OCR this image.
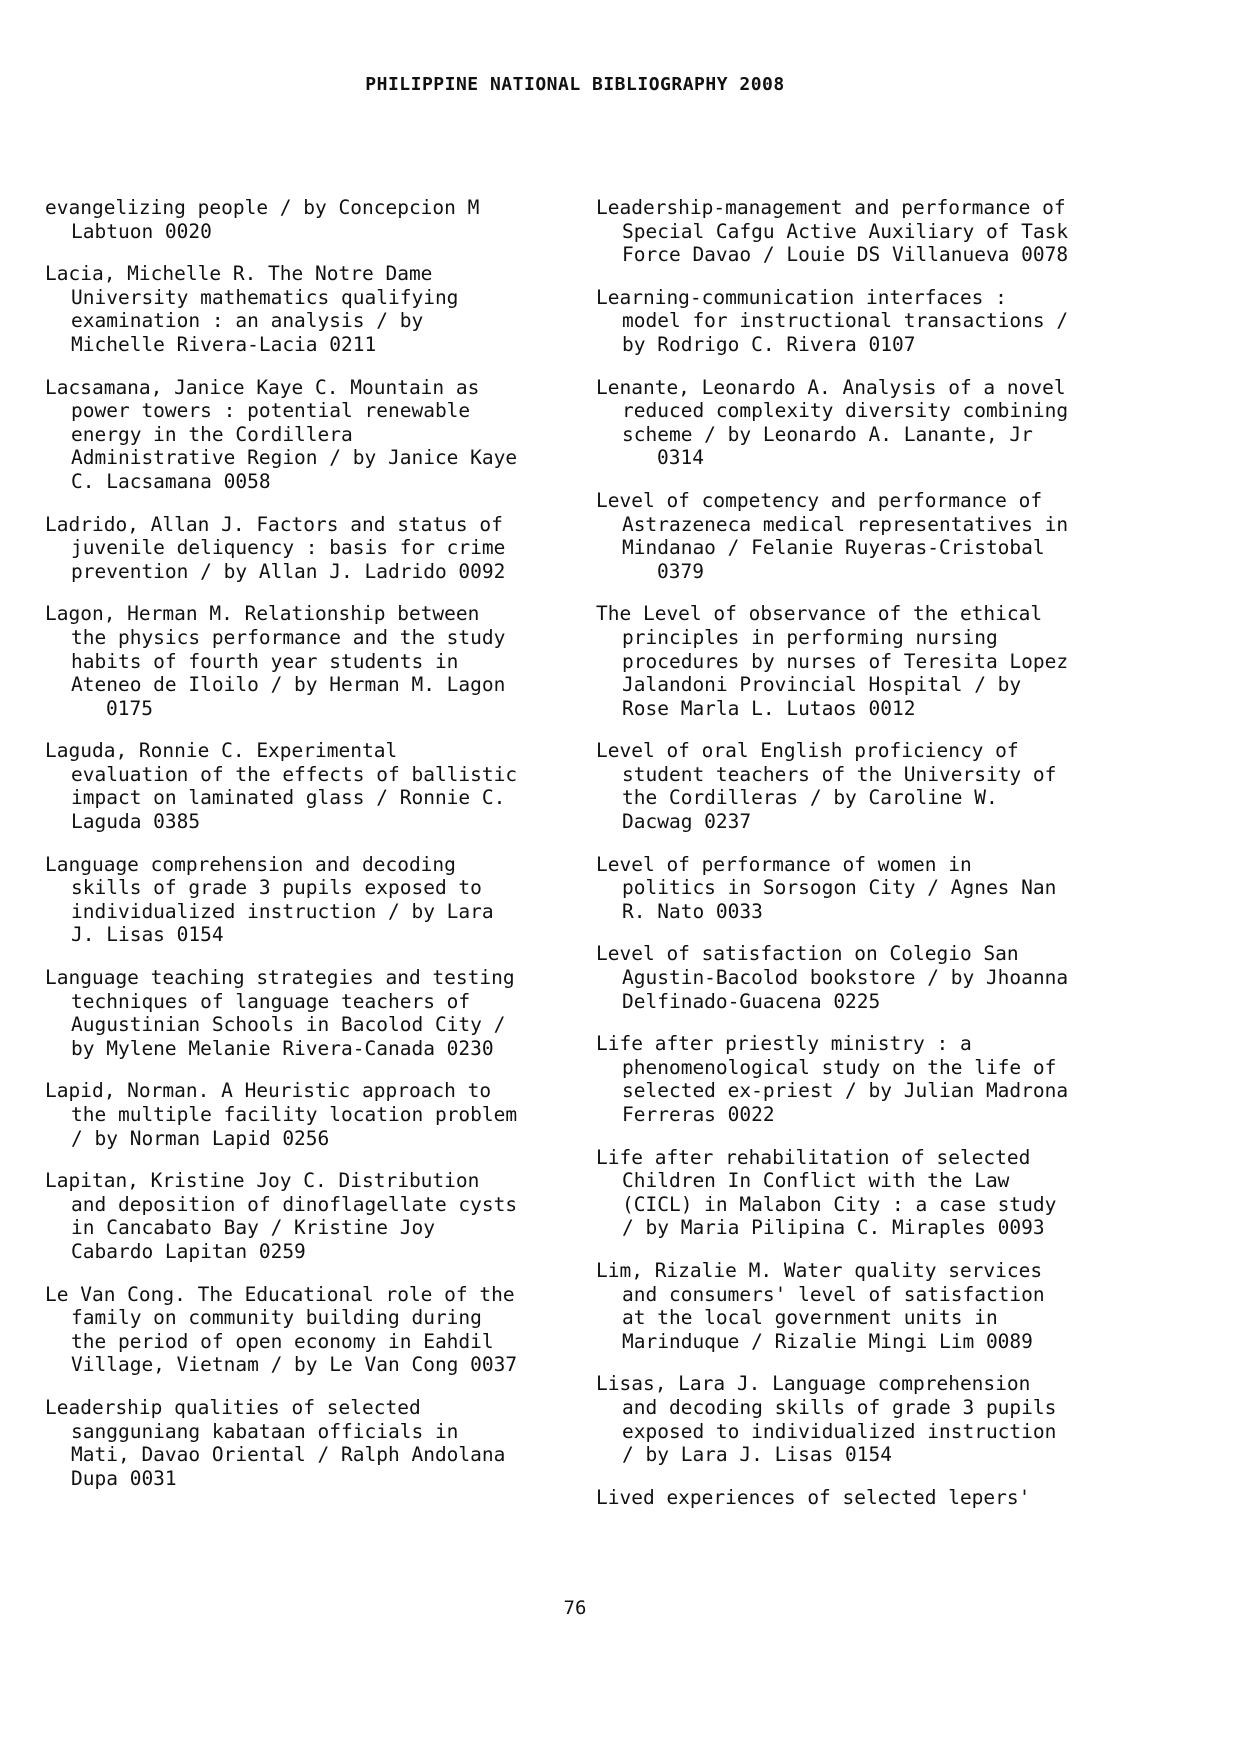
PHILIPPINE NATIONAL BIBLIOGRAPHY 2008
evangelizing people / by Concepcion M
Labtuon 0020
Lacia, Michelle R. The Notre Dame
University mathematics qualifying
examination : an analysis / by
Michelle Rivera-Lacia 0211
Lacsamana, Janice Kaye C. Mountain as
power towers : potential renewable
energy in the Cordillera
Administrative Region / by Janice Kaye
C. Lacsamana 0058
Ladrido, Allan J. Factors and status of
juvenile deliquency : basis for crime
prevention / by Allan J. Ladrido 0092
Lagon, Herman M. Relationship between
the physics performance and the study
habits of fourth year students in
Ateneo de Iloilo / by Herman M. Lagon
0175
Laguda, Ronnie C. Experimental
evaluation of the effects of ballistic
impact on laminated glass / Ronnie C.
Laguda 0385
Language comprehension and decoding
skills of grade 3 pupils exposed to
individualized instruction / by Lara
J. Lisas 0154
Language teaching strategies and testing
techniques of language teachers of
Augustinian Schools in Bacolod City /
by Mylene Melanie Rivera-Canada 0230
Lapid, Norman. A Heuristic approach to
the multiple facility location problem
/ by Norman Lapid 0256
Lapitan, Kristine Joy C. Distribution
and deposition of dinoflagellate cysts
in Cancabato Bay / Kristine Joy
Cabardo Lapitan 0259
Le Van Cong. The Educational role of the
family on community building during
the period of open economy in Eahdil
Village, Vietnam / by Le Van Cong 0037
Leadership qualities of selected
sangguniang kabataan officials in
Mati, Davao Oriental / Ralph Andolana
Dupa 0031
Leadership-management and performance of
Special Cafgu Active Auxiliary of Task
Force Davao / Louie DS Villanueva 0078
Learning-communication interfaces :
model for instructional transactions /
by Rodrigo C. Rivera 0107
Lenante, Leonardo A. Analysis of a novel
reduced complexity diversity combining
scheme / by Leonardo A. Lanante, Jr
0314
Level of competency and performance of
Astrazeneca medical representatives in
Mindanao / Felanie Ruyeras-Cristobal
0379
The Level of observance of the ethical
principles in performing nursing
procedures by nurses of Teresita Lopez
Jalandoni Provincial Hospital / by
Rose Marla L. Lutaos 0012
Level of oral English proficiency of
student teachers of the University of
the Cordilleras / by Caroline W.
Dacwag 0237
Level of performance of women in
politics in Sorsogon City / Agnes Nan
R. Nato 0033
Level of satisfaction on Colegio San
Agustin-Bacolod bookstore / by Jhoanna
Delfinado-Guacena 0225
Life after priestly ministry : a
phenomenological study on the life of
selected ex-priest / by Julian Madrona
Ferreras 0022
Life after rehabilitation of selected
Children In Conflict with the Law
(CICL) in Malabon City : a case study
/ by Maria Pilipina C. Miraples 0093
Lim, Rizalie M. Water quality services
and consumers' level of satisfaction
at the local government units in
Marinduque / Rizalie Mingi Lim 0089
Lisas, Lara J. Language comprehension
and decoding skills of grade 3 pupils
exposed to individualized instruction
/ by Lara J. Lisas 0154
Lived experiences of selected lepers'
76
